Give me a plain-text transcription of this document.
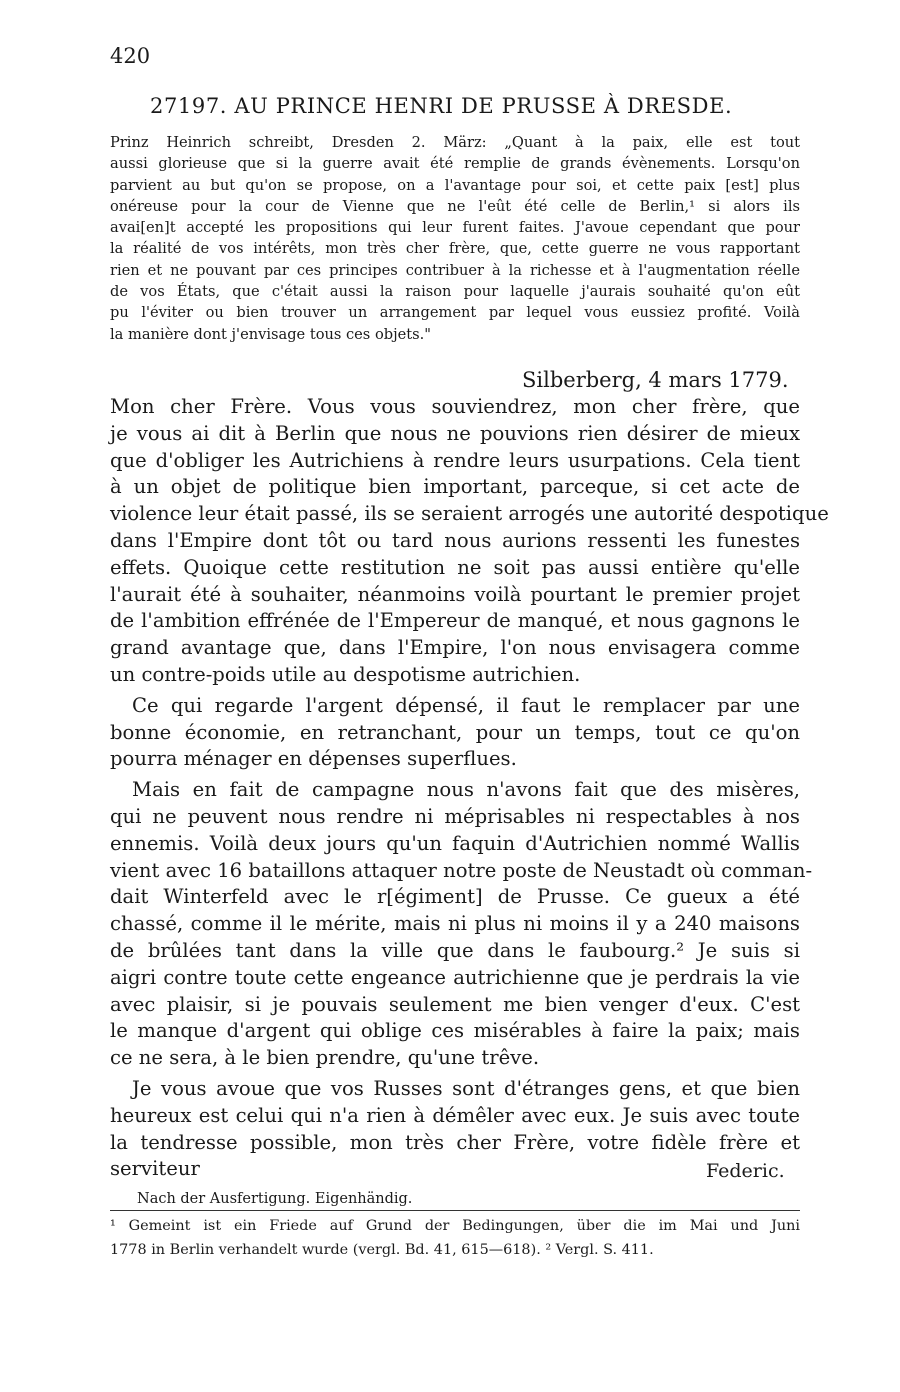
420
27197. AU PRINCE HENRI DE PRUSSE À DRESDE.
Prinz Heinrich schreibt, Dresden 2. März: „Quant à la paix, elle est tout
aussi glorieuse que si la guerre avait été remplie de grands évènements. Lorsqu'on
parvient au but qu'on se propose, on a l'avantage pour soi, et cette paix [est] plus
onéreuse pour la cour de Vienne que ne l'eût été celle de Berlin,¹ si alors ils
avai[en]t accepté les propositions qui leur furent faites. J'avoue cependant que pour
la réalité de vos intérêts, mon très cher frère, que, cette guerre ne vous rapportant
rien et ne pouvant par ces principes contribuer à la richesse et à l'augmentation réelle
de vos États, que c'était aussi la raison pour laquelle j'aurais souhaité qu'on eût
pu l'éviter ou bien trouver un arrangement par lequel vous eussiez profité. Voilà
la manière dont j'envisage tous ces objets."
Silberberg, 4 mars 1779.
Mon cher Frère. Vous vous souviendrez, mon cher frère, que
je vous ai dit à Berlin que nous ne pouvions rien désirer de mieux
que d'obliger les Autrichiens à rendre leurs usurpations. Cela tient
à un objet de politique bien important, parceque, si cet acte de
violence leur était passé, ils se seraient arrogés une autorité despotique
dans l'Empire dont tôt ou tard nous aurions ressenti les funestes
effets. Quoique cette restitution ne soit pas aussi entière qu'elle
l'aurait été à souhaiter, néanmoins voilà pourtant le premier projet
de l'ambition effrénée de l'Empereur de manqué, et nous gagnons le
grand avantage que, dans l'Empire, l'on nous envisagera comme
un contre-poids utile au despotisme autrichien.
Ce qui regarde l'argent dépensé, il faut le remplacer par une
bonne économie, en retranchant, pour un temps, tout ce qu'on
pourra ménager en dépenses superflues.
Mais en fait de campagne nous n'avons fait que des misères,
qui ne peuvent nous rendre ni méprisables ni respectables à nos
ennemis. Voilà deux jours qu'un faquin d'Autrichien nommé Wallis
vient avec 16 bataillons attaquer notre poste de Neustadt où comman-
dait Winterfeld avec le r[égiment] de Prusse. Ce gueux a été
chassé, comme il le mérite, mais ni plus ni moins il y a 240 maisons
de brûlées tant dans la ville que dans le faubourg.² Je suis si
aigri contre toute cette engeance autrichienne que je perdrais la vie
avec plaisir, si je pouvais seulement me bien venger d'eux. C'est
le manque d'argent qui oblige ces misérables à faire la paix; mais
ce ne sera, à le bien prendre, qu'une trêve.
Je vous avoue que vos Russes sont d'étranges gens, et que bien
heureux est celui qui n'a rien à démêler avec eux. Je suis avec toute
la tendresse possible, mon très cher Frère, votre fidèle frère et
serviteur	Federic.
Nach der Ausfertigung. Eigenhändig.
¹ Gemeint ist ein Friede auf Grund der Bedingungen, über die im Mai und Juni
1778 in Berlin verhandelt wurde (vergl. Bd. 41, 615—618). ² Vergl. S. 411.
